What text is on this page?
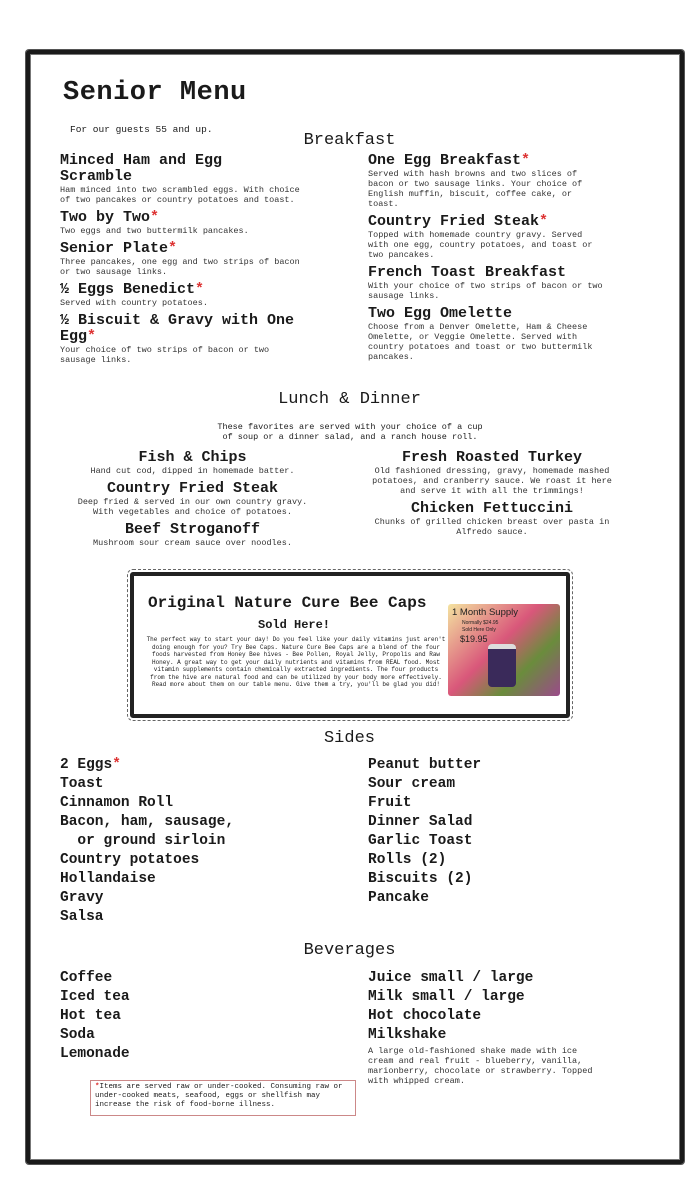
Senior Menu
For our guests 55 and up.
Breakfast
Minced Ham and Egg Scramble
Ham minced into two scrambled eggs. With choice of two pancakes or country potatoes and toast.
Two by Two*
Two eggs and two buttermilk pancakes.
Senior Plate*
Three pancakes, one egg and two strips of bacon or two sausage links.
½ Eggs Benedict*
Served with country potatoes.
½ Biscuit & Gravy with One Egg*
Your choice of two strips of bacon or two sausage links.
One Egg Breakfast*
Served with hash browns and two slices of bacon or two sausage links. Your choice of English muffin, biscuit, coffee cake, or toast.
Country Fried Steak*
Topped with homemade country gravy. Served with one egg, country potatoes, and toast or two pancakes.
French Toast Breakfast
With your choice of two strips of bacon or two sausage links.
Two Egg Omelette
Choose from a Denver Omelette, Ham & Cheese Omelette, or Veggie Omelette. Served with country potatoes and toast or two buttermilk pancakes.
Lunch & Dinner
These favorites are served with your choice of a cup of soup or a dinner salad, and a ranch house roll.
Fish & Chips
Hand cut cod, dipped in homemade batter.
Country Fried Steak
Deep fried & served in our own country gravy. With vegetables and choice of potatoes.
Beef Stroganoff
Mushroom sour cream sauce over noodles.
Fresh Roasted Turkey
Old fashioned dressing, gravy, homemade mashed potatoes, and cranberry sauce. We roast it here and serve it with all the trimmings!
Chicken Fettuccini
Chunks of grilled chicken breast over pasta in Alfredo sauce.
Original Nature Cure Bee Caps
Sold Here!
The perfect way to start your day! Do you feel like your daily vitamins just aren't doing enough for you? Try Bee Caps. Nature Cure Bee Caps are a blend of the four foods harvested from Honey Bee hives - Bee Pollen, Royal Jelly, Propolis and Raw Honey. A great way to get your daily nutrients and vitamins from REAL food. Most vitamin supplements contain chemically extracted ingredients. The four products from the hive are natural food and can be utilized by your body more effectively. Read more about them on our table menu. Give them a try, you'll be glad you did!
1 Month Supply
Normally $24.95
Sold Here Only
$19.95
Sides
2 Eggs*
Toast
Cinnamon Roll
Bacon, ham, sausage,
or ground sirloin
Country potatoes
Hollandaise
Gravy
Salsa
Peanut butter
Sour cream
Fruit
Dinner Salad
Garlic Toast
Rolls (2)
Biscuits (2)
Pancake
Beverages
Coffee
Iced tea
Hot tea
Soda
Lemonade
Juice small / large
Milk small / large
Hot chocolate
Milkshake
A large old-fashioned shake made with ice cream and real fruit - blueberry, vanilla, marionberry, chocolate or strawberry. Topped with whipped cream.
*Items are served raw or under-cooked. Consuming raw or under-cooked meats, seafood, eggs or shellfish may increase the risk of food-borne illness.
